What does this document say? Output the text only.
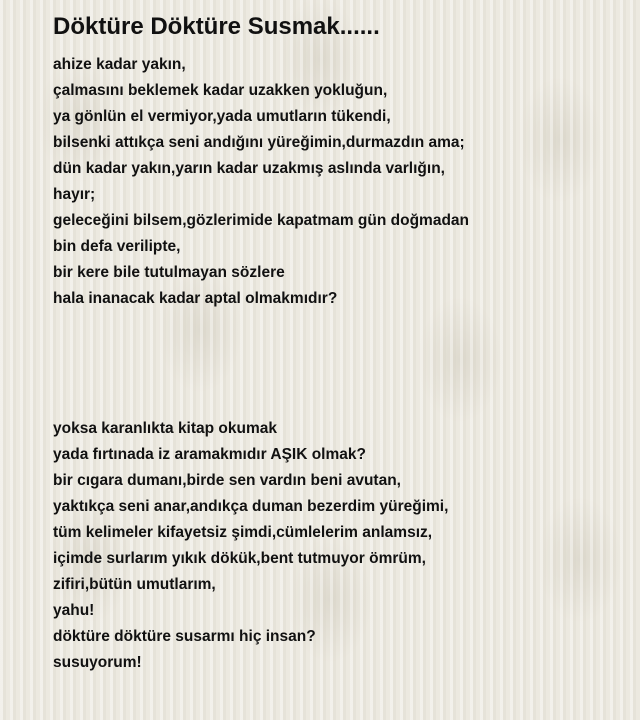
Döktüre Döktüre Susmak......
ahize kadar yakın,
çalmasını beklemek kadar uzakken yokluğun,
ya gönlün el vermiyor,yada umutların tükendi,
bilsenki attıkça seni andığını yüreğimin,durmazdın ama;
dün kadar yakın,yarın kadar uzakmış aslında varlığın,
hayır;
geleceğini bilsem,gözlerimide kapatmam gün doğmadan
bin defa verilipte,
bir kere bile tutulmayan sözlere
hala inanacak kadar aptal olmakmıdır?
yoksa karanlıkta kitap okumak
yada fırtınada iz aramakmıdır AŞIK olmak?
bir cıgara dumanı,birde sen vardın beni avutan,
yaktıkça seni anar,andıkça duman bezerdim yüreğimi,
tüm kelimeler kifayetsiz şimdi,cümlelerim anlamsız,
içimde surlarım yıkık dökük,bent tutmuyor ömrüm,
zifiri,bütün umutlarım,
yahu!
döktüre döktüre susarmı hiç insan?
susuyorum!
